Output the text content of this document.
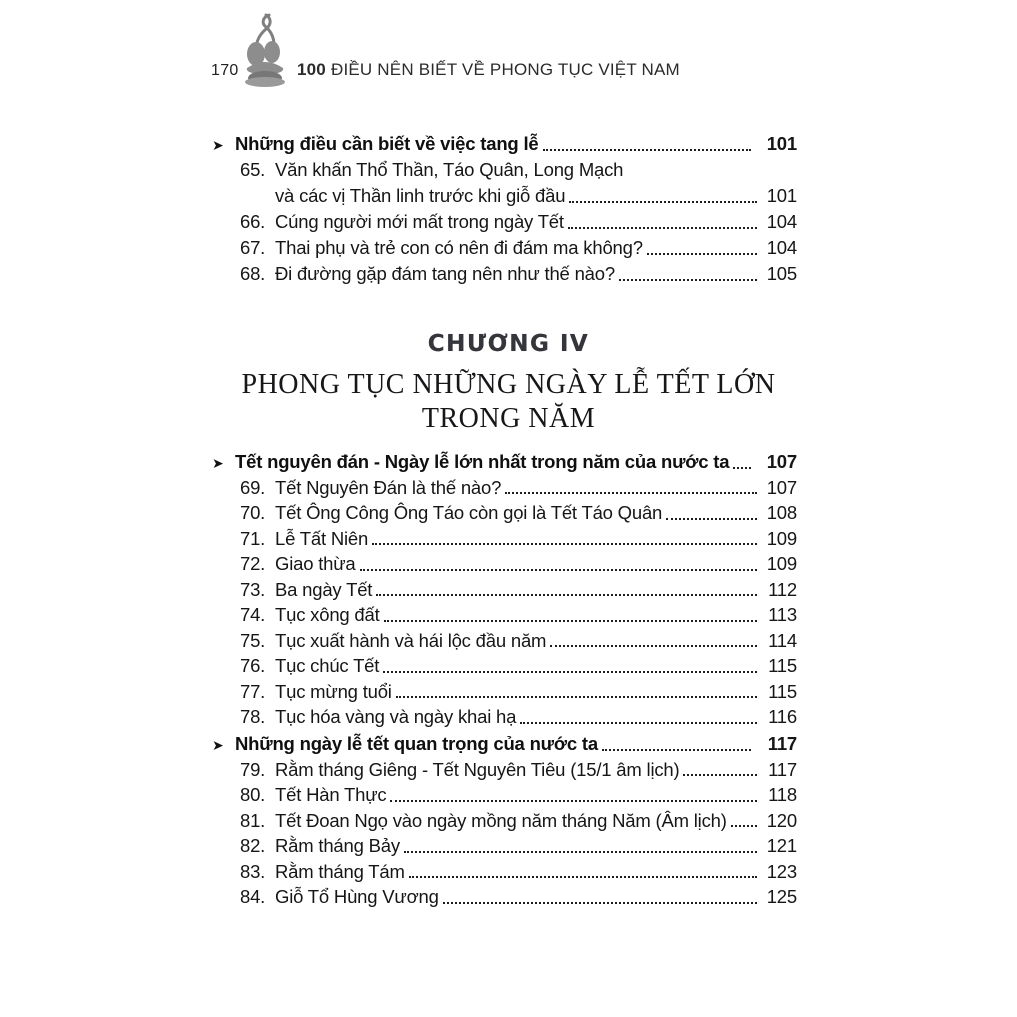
170	100 ĐIỀU NÊN BIẾT VỀ PHONG TỤC VIỆT NAM
➤ Những điều cần biết về việc tang lễ	101
65. Văn khấn Thổ Thần, Táo Quân, Long Mạch
và các vị Thần linh trước khi giỗ đầu	101
66. Cúng người mới mất trong ngày Tết	104
67. Thai phụ và trẻ con có nên đi đám ma không?	104
68. Đi đường gặp đám tang nên như thế nào?	105
CHƯƠNG IV
PHONG TỤC NHỮNG NGÀY LỄ TẾT LỚN
TRONG NĂM
➤ Tết nguyên đán - Ngày lễ lớn nhất trong năm của nước ta	107
69. Tết Nguyên Đán là thế nào?	107
70. Tết Ông Công Ông Táo còn gọi là Tết Táo Quân	108
71. Lễ Tất Niên	109
72. Giao thừa	109
73. Ba ngày Tết	112
74. Tục xông đất	113
75. Tục xuất hành và hái lộc đầu năm	114
76. Tục chúc Tết	115
77. Tục mừng tuổi	115
78. Tục hóa vàng và ngày khai hạ	116
➤ Những ngày lễ tết quan trọng của nước ta	117
79. Rằm tháng Giêng - Tết Nguyên Tiêu (15/1 âm lịch)	117
80. Tết Hàn Thực	118
81. Tết Đoan Ngọ vào ngày mồng năm tháng Năm (Âm lịch)	120
82. Rằm tháng Bảy	121
83. Rằm tháng Tám	123
84. Giỗ Tổ Hùng Vương	125
